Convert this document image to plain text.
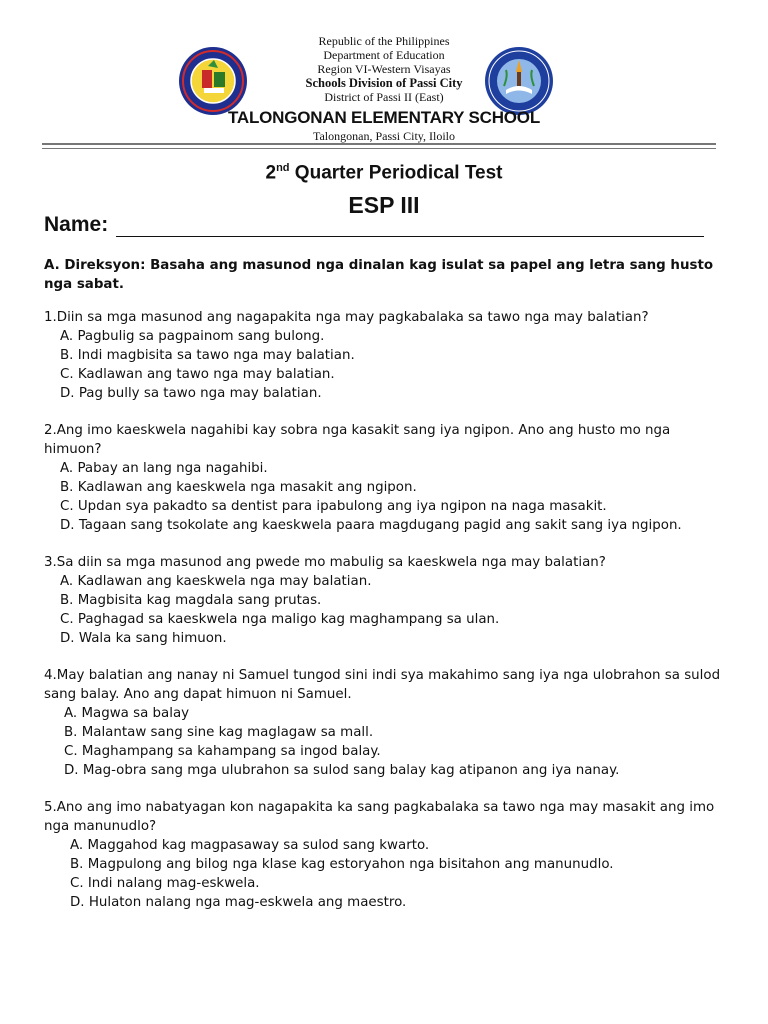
Republic of the Philippines
Department of Education
Region VI-Western Visayas
Schools Division of Passi City
District of Passi II (East)
TALONGONAN ELEMENTARY SCHOOL
Talongonan, Passi City, Iloilo
2nd Quarter Periodical Test
ESP III
Name:
A. Direksyon: Basaha ang masunod nga dinalan kag isulat sa papel ang letra sang husto nga sabat.
1.Diin sa mga masunod ang nagapakita nga may pagkabalaka sa tawo nga may balatian?
A. Pagbulig sa pagpainom sang bulong.
B. Indi magbisita sa tawo nga may balatian.
C. Kadlawan ang tawo nga may balatian.
D. Pag bully sa tawo nga may balatian.
2.Ang imo kaeskwela nagahibi kay sobra nga kasakit sang iya ngipon. Ano ang husto mo nga himuon?
A. Pabay an lang nga nagahibi.
B. Kadlawan ang kaeskwela nga masakit ang ngipon.
C. Updan sya pakadto sa dentist para ipabulong ang iya ngipon na naga masakit.
D. Tagaan sang tsokolate ang kaeskwela paara magdugang pagid ang sakit sang iya ngipon.
3.Sa diin sa mga masunod ang pwede mo mabulig sa kaeskwela nga may balatian?
A. Kadlawan ang kaeskwela nga may balatian.
B. Magbisita kag magdala sang prutas.
C. Paghagad sa kaeskwela nga maligo kag maghampang sa ulan.
D. Wala ka sang himuon.
4.May balatian ang nanay ni Samuel tungod sini indi sya makahimo sang iya nga ulobrahon sa sulod sang balay. Ano ang dapat himuon ni Samuel.
A. Magwa sa balay
B. Malantaw sang sine kag maglagaw sa mall.
C. Maghampang sa kahampang sa ingod balay.
D. Mag-obra sang mga ulubrahon sa sulod sang balay kag atipanon ang iya nanay.
5.Ano ang imo nabatyagan kon nagapakita ka sang pagkabalaka sa tawo nga may masakit ang imo nga manunudlo?
A. Maggahod kag magpasaway sa sulod sang kwarto.
B. Magpulong ang bilog nga klase kag estoryahon nga bisitahon ang manunudlo.
C. Indi nalang mag-eskwela.
D. Hulaton nalang nga mag-eskwela ang maestro.
